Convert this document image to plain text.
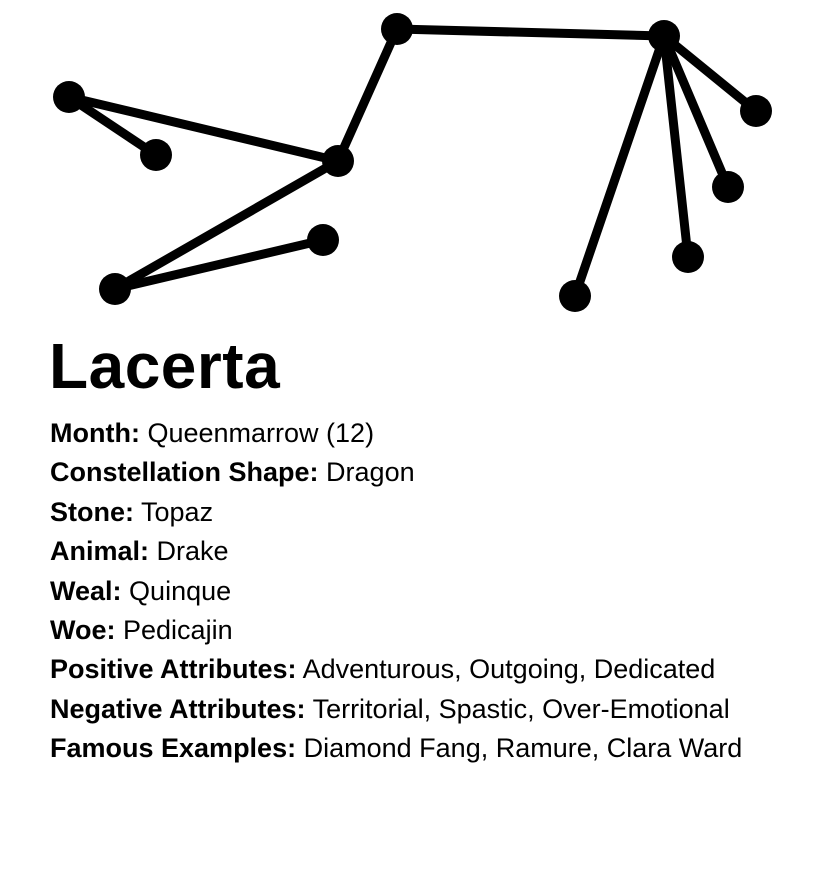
Lacerta

Month: Queenmarrow (12)

Constellation Shape: Dragon

Stone: Topaz

Animal: Drake

Weal: Quinque

Woe: Pedicajin

Positive Attributes: Adventurous, Outgoing, Dedicated

Negative Attributes: Territorial, Spastic, Over-Emotional

Famous Examples: Diamond Fang, Ramure, Clara Ward
